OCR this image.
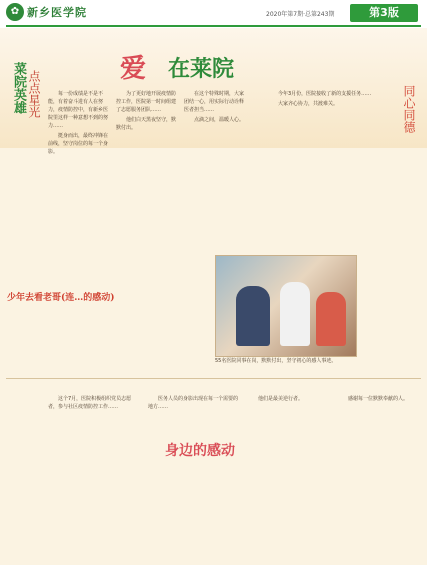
✿ 新乡医学院	2020年第7期·总第243期	第3版
爱 在莱院
菜院英雄 点点星光	同心同德

每一份成绩是不是不能，有着奋斗进有人在努力，疫情防控中，有新乡医院里这样一种意想不到的努力……

挺身而出，最终冲锋在前线，坚守岗位的每一个身影。

为了更好地开展疫情防控工作，医院第一时间组建了志愿服务团队……

他们白天黑夜坚守，默默付出。

在这个特殊时期，大家团结一心，用实际行动诠释医者担当……

点滴之间，温暖人心。

今年3月份，医院接收了新的支援任务……

大家齐心协力，共渡难关。

少年去看老哥(连…的感动)
55名医院同事在岗，默默付出，坚守初心的感人事迹。
身边的感动

这个7月，医院积极组织党员志愿者，参与社区疫情防控工作……

医务人员的身影出现在每一个需要的地方……

他们是最美逆行者。	感谢每一位默默奉献的人。
